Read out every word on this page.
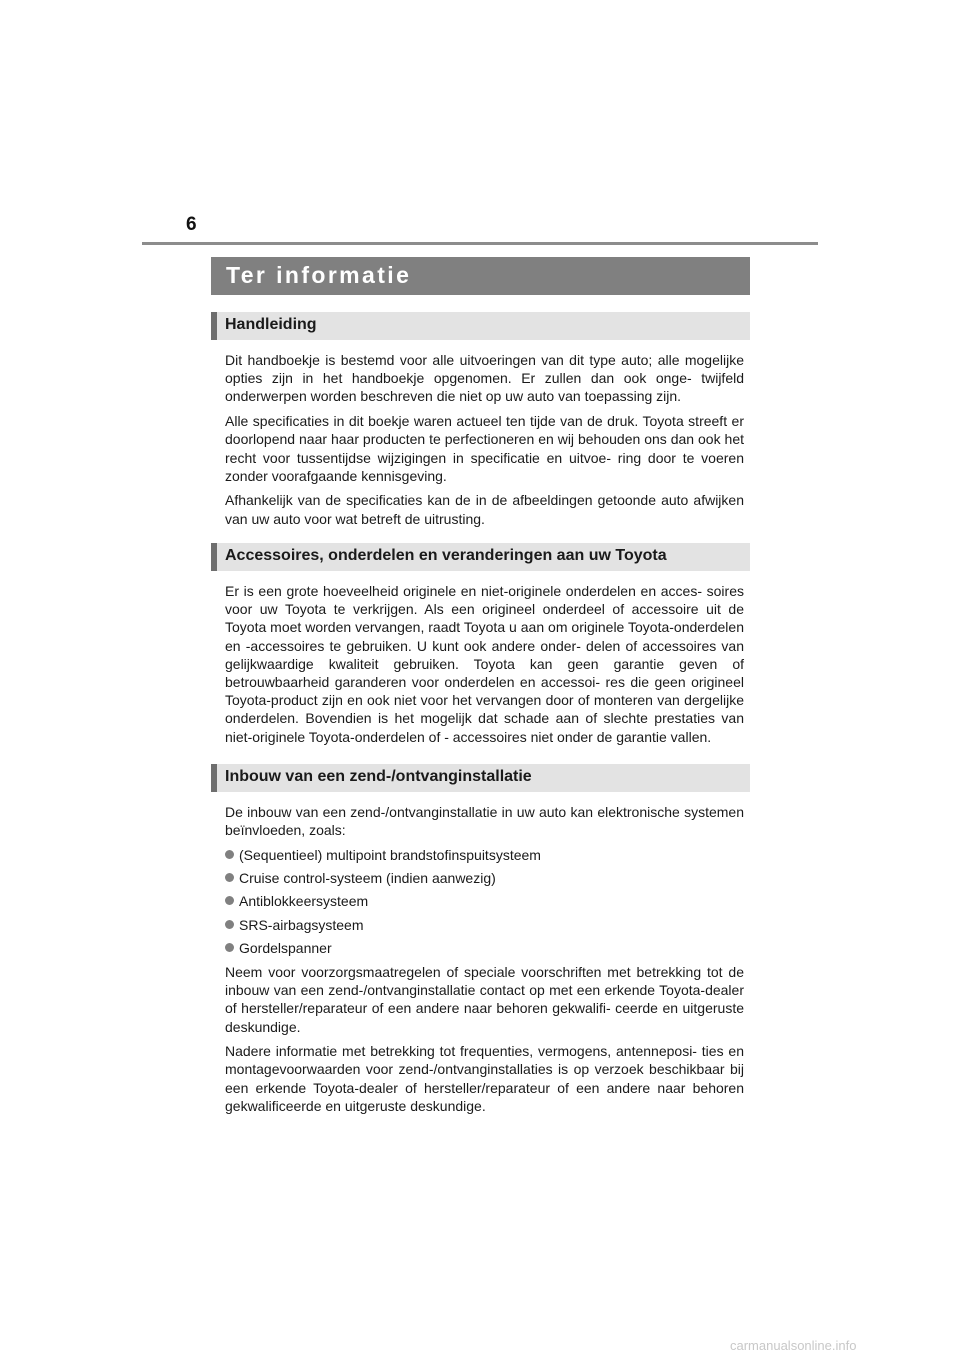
6
Ter informatie
Handleiding

Dit handboekje is bestemd voor alle uitvoeringen van dit type auto; alle mogelijke opties zijn in het handboekje opgenomen. Er zullen dan ook onge- twijfeld onderwerpen worden beschreven die niet op uw auto van toepassing zijn.

Alle specificaties in dit boekje waren actueel ten tijde van de druk. Toyota streeft er doorlopend naar haar producten te perfectioneren en wij behouden ons dan ook het recht voor tussentijdse wijzigingen in specificatie en uitvoe- ring door te voeren zonder voorafgaande kennisgeving.

Afhankelijk van de specificaties kan de in de afbeeldingen getoonde auto afwijken van uw auto voor wat betreft de uitrusting.

Accessoires, onderdelen en veranderingen aan uw Toyota

Er is een grote hoeveelheid originele en niet-originele onderdelen en acces- soires voor uw Toyota te verkrijgen. Als een origineel onderdeel of accessoire uit de Toyota moet worden vervangen, raadt Toyota u aan om originele Toyota-onderdelen en -accessoires te gebruiken. U kunt ook andere onder- delen of accessoires van gelijkwaardige kwaliteit gebruiken. Toyota kan geen garantie geven of betrouwbaarheid garanderen voor onderdelen en accessoi- res die geen origineel Toyota-product zijn en ook niet voor het vervangen door of monteren van dergelijke onderdelen. Bovendien is het mogelijk dat schade aan of slechte prestaties van niet-originele Toyota-onderdelen of - accessoires niet onder de garantie vallen.

Inbouw van een zend-/ontvanginstallatie

De inbouw van een zend-/ontvanginstallatie in uw auto kan elektronische systemen beïnvloeden, zoals:

(Sequentieel) multipoint brandstofinspuitsysteem
Cruise control-systeem (indien aanwezig)
Antiblokkeersysteem
SRS-airbagsysteem
Gordelspanner

Neem voor voorzorgsmaatregelen of speciale voorschriften met betrekking tot de inbouw van een zend-/ontvanginstallatie contact op met een erkende Toyota-dealer of hersteller/reparateur of een andere naar behoren gekwalifi- ceerde en uitgeruste deskundige.

Nadere informatie met betrekking tot frequenties, vermogens, antenneposi- ties en montagevoorwaarden voor zend-/ontvanginstallaties is op verzoek beschikbaar bij een erkende Toyota-dealer of hersteller/reparateur of een andere naar behoren gekwalificeerde en uitgeruste deskundige.

carmanualsonline.info
